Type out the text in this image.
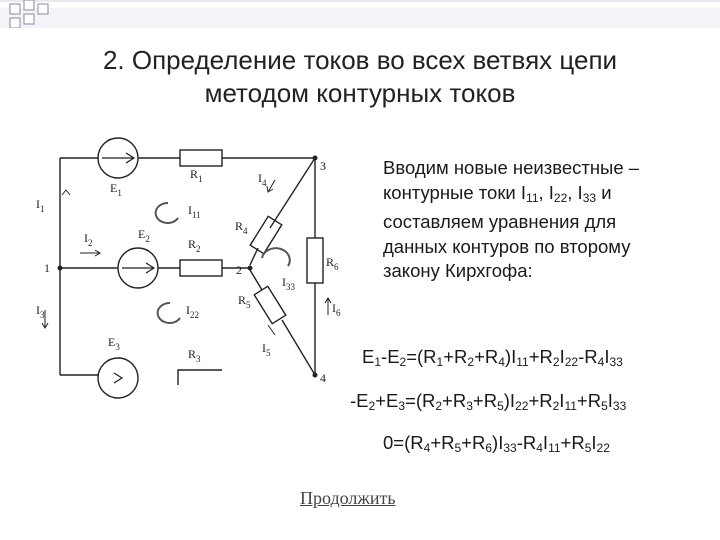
2. Определение токов во всех ветвях цепи
методом контурных токов
$R_1$
$E_1$
$I_1$	$I_{11}$
$I_4$
$R_4$
3
$I_2$
$E_2$	$R_2$
$R_6$
1	2
$I_{33}$
$R_5$
$I_3$	$I_{22}$	$I_6$
$I_5$
$E_3$	$R_3$
4
Вводим новые неизвестные –
контурные токи $I_{11}$, $I_{22}$, $I_{33}$ и
составляем уравнения для
данных контуров по второму
закону Кирхгофа:
$E_1-E_2=(R_1+R_2+R_4)I_{11}+R_2I_{22}-R_4I_{33}$
$-E_2+E_3=(R_2+R_3+R_5)I_{22}+R_2I_{11}+R_5I_{33}$
$0=(R_4+R_5+R_6)I_{33}-R_4I_{11}+R_5I_{22}$
Продолжить
